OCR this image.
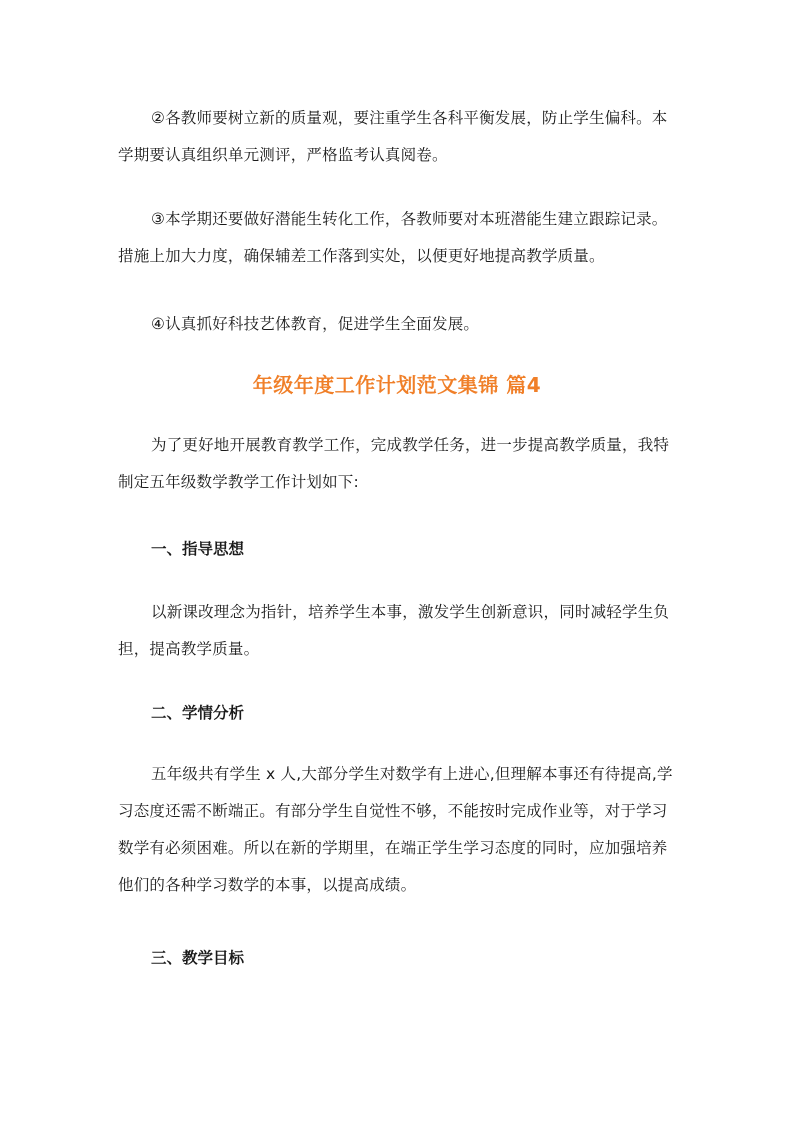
②各教师要树立新的质量观，要注重学生各科平衡发展，防止学生偏科。本学期要认真组织单元测评，严格监考认真阅卷。

③本学期还要做好潜能生转化工作，各教师要对本班潜能生建立跟踪记录。措施上加大力度，确保辅差工作落到实处，以便更好地提高教学质量。

④认真抓好科技艺体教育，促进学生全面发展。

年级年度工作计划范文集锦 篇4

为了更好地开展教育教学工作，完成教学任务，进一步提高教学质量，我特制定五年级数学教学工作计划如下:

一、指导思想

以新课改理念为指针，培养学生本事，激发学生创新意识，同时减轻学生负担，提高教学质量。

二、学情分析

五年级共有学生 x 人,大部分学生对数学有上进心,但理解本事还有待提高,学习态度还需不断端正。有部分学生自觉性不够，不能按时完成作业等，对于学习数学有必须困难。所以在新的学期里，在端正学生学习态度的同时，应加强培养他们的各种学习数学的本事，以提高成绩。

三、教学目标
